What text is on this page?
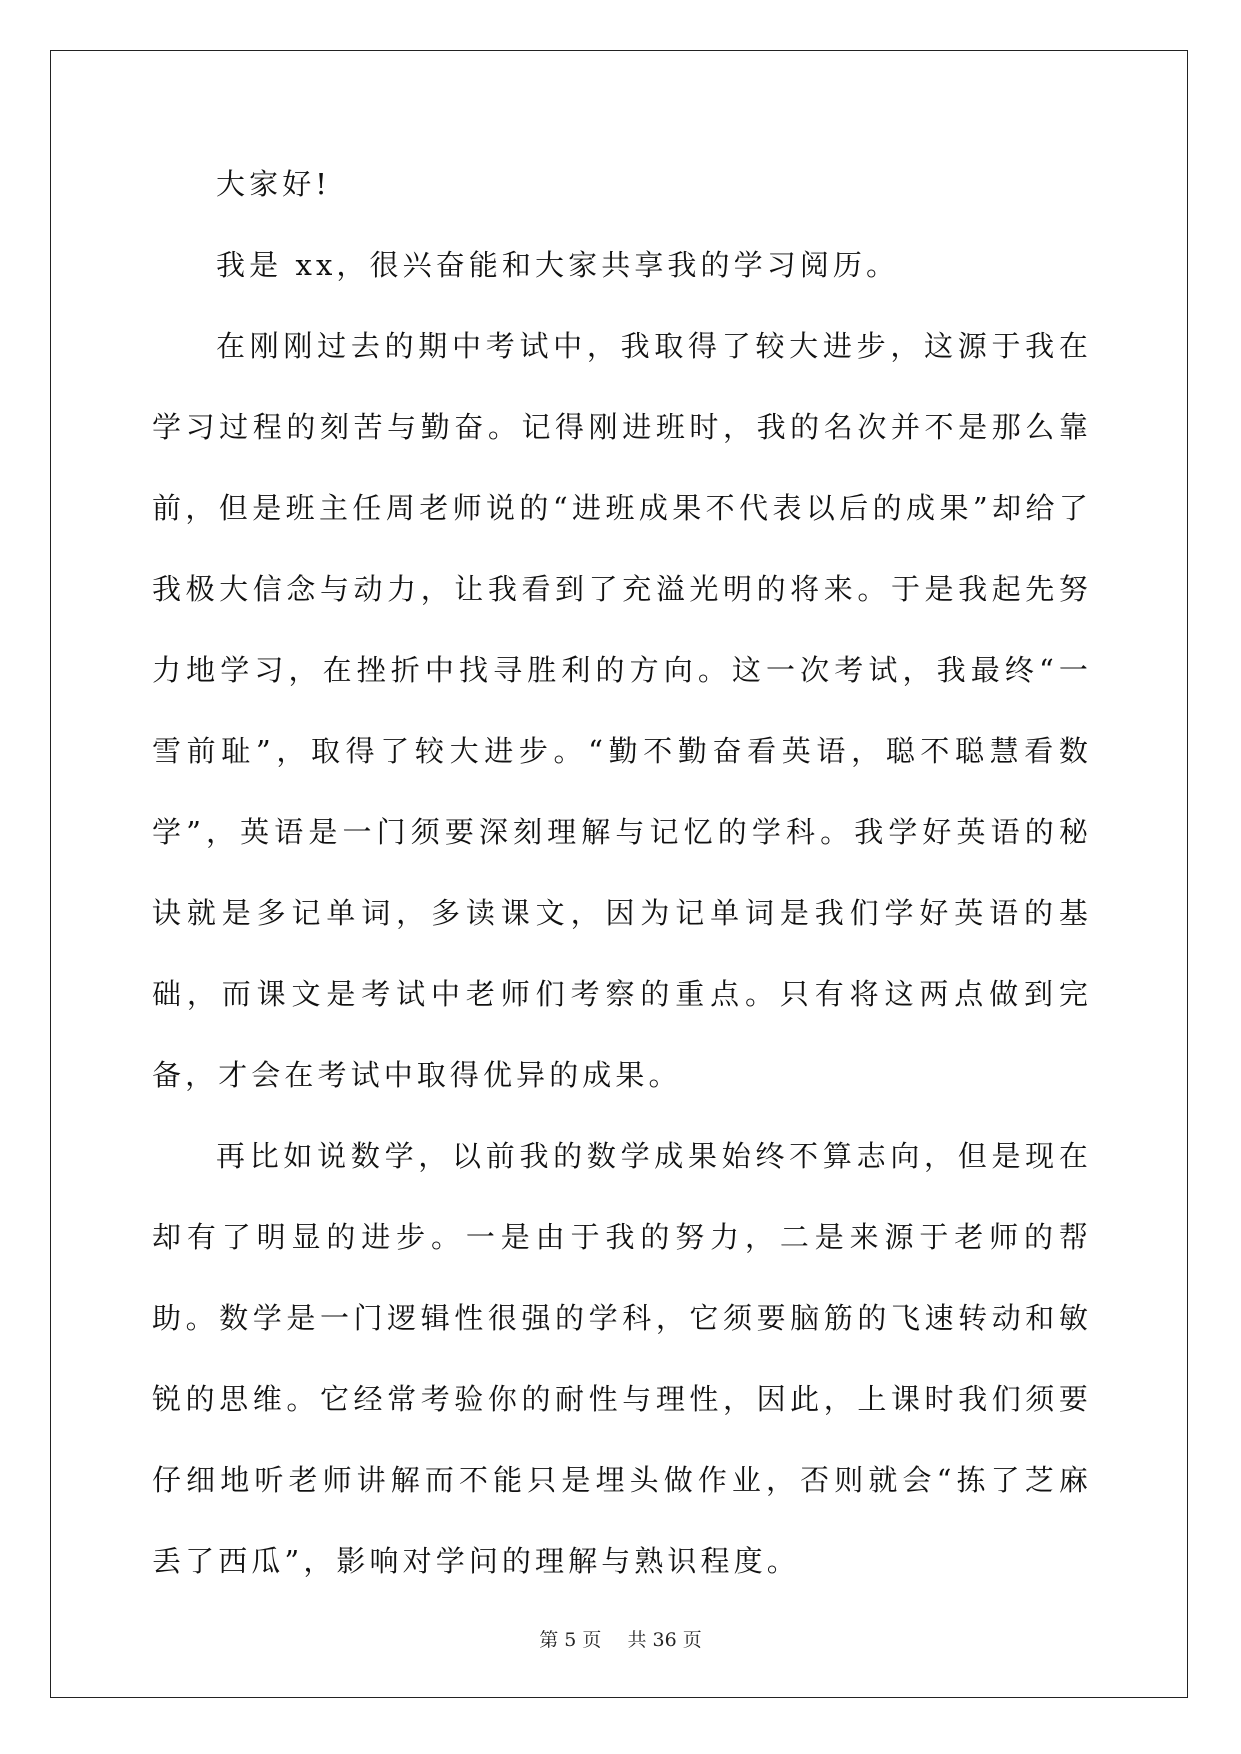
大家好!

我是 xx，很兴奋能和大家共享我的学习阅历。

在刚刚过去的期中考试中，我取得了较大进步，这源于我在学习过程的刻苦与勤奋。记得刚进班时，我的名次并不是那么靠前，但是班主任周老师说的“进班成果不代表以后的成果”却给了我极大信念与动力，让我看到了充溢光明的将来。于是我起先努力地学习，在挫折中找寻胜利的方向。这一次考试，我最终“一雪前耻”，取得了较大进步。“勤不勤奋看英语，聪不聪慧看数学”，英语是一门须要深刻理解与记忆的学科。我学好英语的秘诀就是多记单词，多读课文，因为记单词是我们学好英语的基础，而课文是考试中老师们考察的重点。只有将这两点做到完备，才会在考试中取得优异的成果。

再比如说数学，以前我的数学成果始终不算志向，但是现在却有了明显的进步。一是由于我的努力，二是来源于老师的帮助。数学是一门逻辑性很强的学科，它须要脑筋的飞速转动和敏锐的思维。它经常考验你的耐性与理性，因此，上课时我们须要仔细地听老师讲解而不能只是埋头做作业，否则就会“拣了芝麻丢了西瓜”，影响对学问的理解与熟识程度。

第 5 页 共 36 页
